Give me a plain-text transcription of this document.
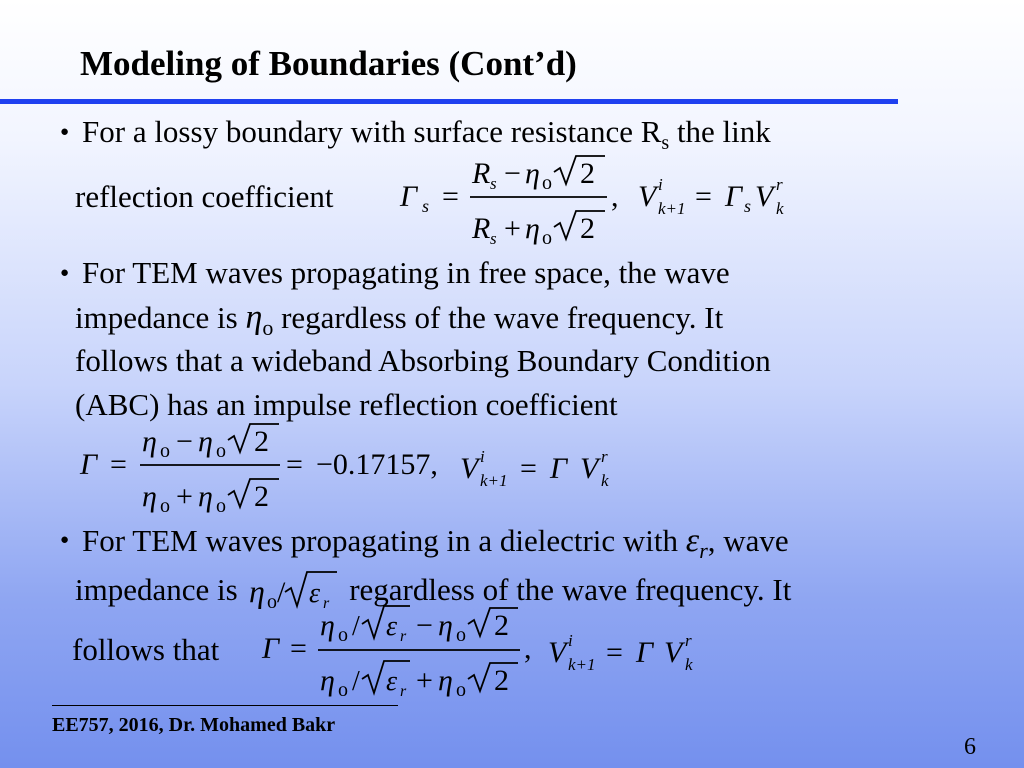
Modeling of Boundaries (Cont’d)
● For a lossy boundary with surface resistance $R_s$ the link
reflection coefficient Γ s =
R s − η o 2
R s + η o 2
, V i
k+1 = Γ s V r
k
● For TEM waves propagating in free space, the wave
impedance is $\eta_o$ regardless of the wave frequency. It
follows that a wideband Absorbing Boundary Condition
(ABC) has an impulse reflection coefficient
Γ =
η o − η o 2
η o + η o 2
= −0.17157, V i
k+1 = Γ V r
k
● For TEM waves propagating in a dielectric with $\varepsilon_r$, wave
impedance is η o / ε r regardless of the wave frequency. It
follows that Γ =
η o / ε r − η o 2
η o / ε r + η o 2
, V i
k+1 = Γ V r
k
EE757, 2016, Dr. Mohamed Bakr
6
